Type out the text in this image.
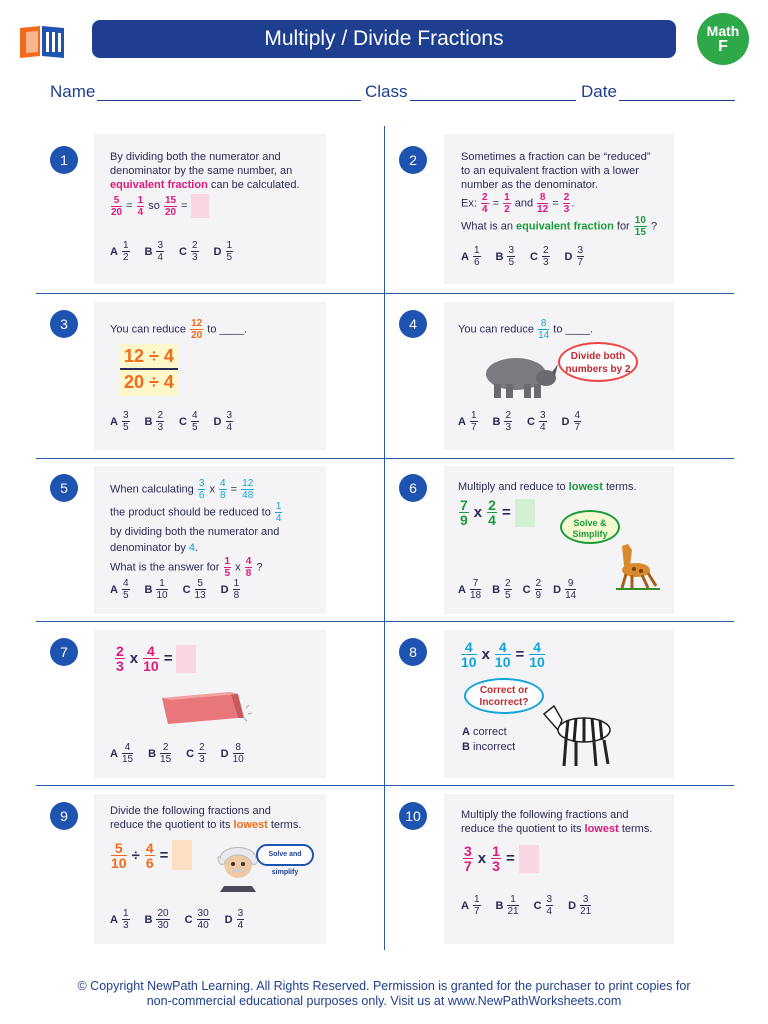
Multiply / Divide Fractions	Math
F
Name	Class	Date
1	By dividing both the numerator and
denominator by the same number, an
equivalent fraction can be calculated.
$\frac{5}{20} = \frac{1}{4}$ so $\frac{15}{20}$ =
A $\frac{1}{2}$ B $\frac{3}{4}$ C $\frac{2}{3}$ D $\frac{1}{5}$
2	Sometimes a fraction can be “reduced”
to an equivalent fraction with a lower
number as the denominator.
Ex: $\frac{2}{4} = \frac{1}{2}$ and $\frac{8}{12} = \frac{2}{3}$ .
What is an equivalent fraction for $\frac{10}{15}$ ?
A $\frac{1}{6}$ B $\frac{3}{5}$ C $\frac{2}{3}$ D $\frac{3}{7}$
3	You can reduce $\frac{12}{20}$ to ____.
12 ÷ 4
20 ÷ 4
A $\frac{3}{5}$ B $\frac{2}{3}$ C $\frac{4}{5}$ D $\frac{3}{4}$
4	You can reduce $\frac{8}{14}$ to ____.
Divide both numbers by 2
A $\frac{1}{7}$ B $\frac{2}{3}$ C $\frac{3}{4}$ D $\frac{4}{7}$
5	When calculating $\frac{3}{6}$ x $\frac{4}{8} = \frac{12}{48}$
the product should be reduced to $\frac{1}{4}$
by dividing both the numerator and
denominator by 4.
What is the answer for $\frac{1}{5}$ x $\frac{4}{8}$ ?
A $\frac{4}{5}$ B $\frac{1}{10}$ C $\frac{5}{13}$ D $\frac{1}{8}$
6	Multiply and reduce to lowest terms.
$\frac{7}{9}$ x $\frac{2}{4}$ =
Solve & Simplify
A $\frac{7}{18}$ B $\frac{2}{5}$ C $\frac{2}{9}$ D $\frac{9}{14}$
7	$\frac{2}{3}$ x $\frac{4}{10}$ =
A $\frac{4}{15}$ B $\frac{2}{15}$ C $\frac{2}{3}$ D $\frac{8}{10}$
8	$\frac{4}{10}$ x $\frac{4}{10} = \frac{4}{10}$
Correct or Incorrect?
A correct
B incorrect
9	Divide the following fractions and
reduce the quotient to its lowest terms.
$\frac{5}{10} \div \frac{4}{6}$ =	Solve and simplify
A $\frac{1}{3}$ B $\frac{20}{30}$ C $\frac{30}{40}$ D $\frac{3}{4}$
10	Multiply the following fractions and
reduce the quotient to its lowest terms.
$\frac{3}{7}$ x $\frac{1}{3}$ =
A $\frac{1}{7}$ B $\frac{1}{21}$ C $\frac{3}{4}$ D $\frac{3}{21}$
© Copyright NewPath Learning. All Rights Reserved. Permission is granted for the purchaser to print copies for
non-commercial educational purposes only. Visit us at www.NewPathWorksheets.com
